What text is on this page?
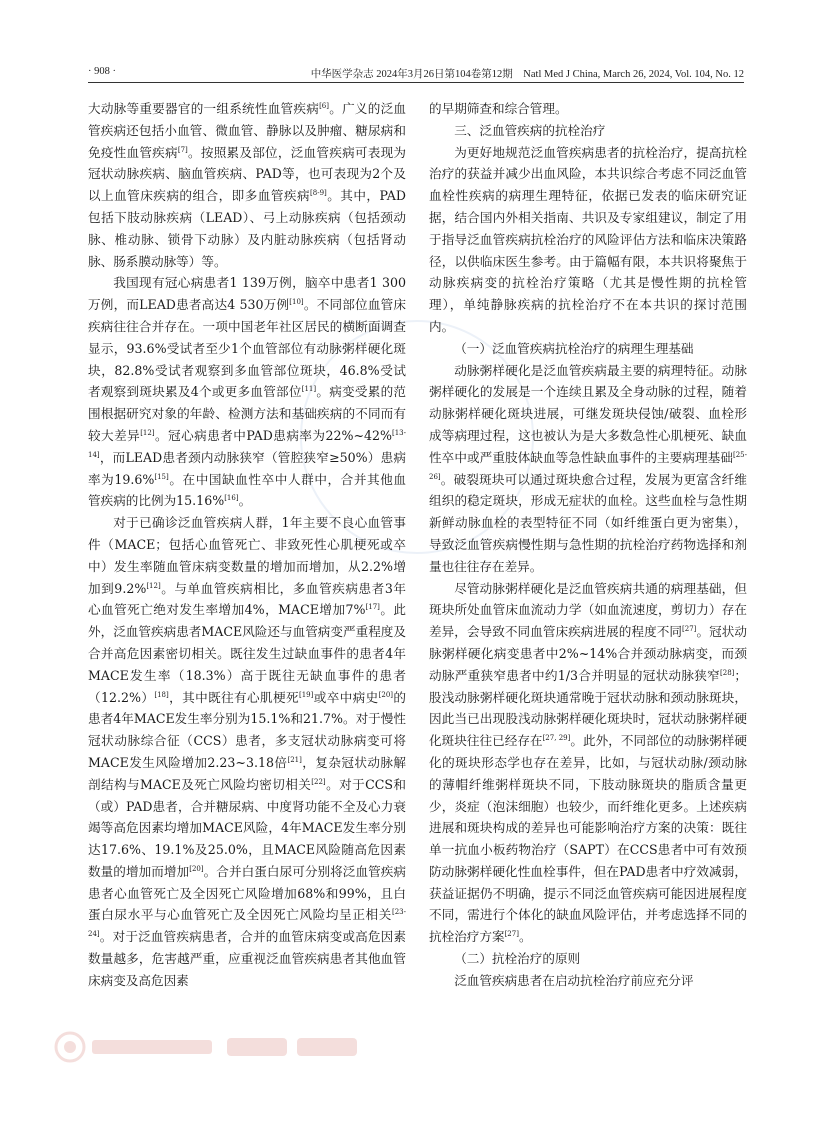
· 908 ·	中华医学杂志 2024年3月26日第104卷第12期　Natl Med J China, March 26, 2024, Vol. 104, No. 12

大动脉等重要器官的一组系统性血管疾病[6]。广义的泛血管疾病还包括小血管、微血管、静脉以及肿瘤、糖尿病和免疫性血管疾病[7]。按照累及部位，泛血管疾病可表现为冠状动脉疾病、脑血管疾病、PAD等，也可表现为2个及以上血管床疾病的组合，即多血管疾病[8-9]。其中，PAD包括下肢动脉疾病（LEAD）、弓上动脉疾病（包括颈动脉、椎动脉、锁骨下动脉）及内脏动脉疾病（包括肾动脉、肠系膜动脉等）等。

我国现有冠心病患者1 139万例，脑卒中患者1 300万例，而LEAD患者高达4 530万例[10]。不同部位血管床疾病往往合并存在。一项中国老年社区居民的横断面调查显示，93.6%受试者至少1个血管部位有动脉粥样硬化斑块，82.8%受试者观察到多血管部位斑块，46.8%受试者观察到斑块累及4个或更多血管部位[11]。病变受累的范围根据研究对象的年龄、检测方法和基础疾病的不同而有较大差异[12]。冠心病患者中PAD患病率为22%~42%[13-14]，而LEAD患者颈内动脉狭窄（管腔狭窄≥50%）患病率为19.6%[15]。在中国缺血性卒中人群中，合并其他血管疾病的比例为15.16%[16]。

对于已确诊泛血管疾病人群，1年主要不良心血管事件（MACE；包括心血管死亡、非致死性心肌梗死或卒中）发生率随血管床病变数量的增加而增加，从2.2%增加到9.2%[12]。与单血管疾病相比，多血管疾病患者3年心血管死亡绝对发生率增加4%，MACE增加7%[17]。此外，泛血管疾病患者MACE风险还与血管病变严重程度及合并高危因素密切相关。既往发生过缺血事件的患者4年MACE发生率（18.3%）高于既往无缺血事件的患者（12.2%）[18]，其中既往有心肌梗死[19]或卒中病史[20]的患者4年MACE发生率分别为15.1%和21.7%。对于慢性冠状动脉综合征（CCS）患者，多支冠状动脉病变可将MACE发生风险增加2.23~3.18倍[21]，复杂冠状动脉解剖结构与MACE及死亡风险均密切相关[22]。对于CCS和（或）PAD患者，合并糖尿病、中度肾功能不全及心力衰竭等高危因素均增加MACE风险，4年MACE发生率分别达17.6%、19.1%及25.0%，且MACE风险随高危因素数量的增加而增加[20]。合并白蛋白尿可分别将泛血管疾病患者心血管死亡及全因死亡风险增加68%和99%，且白蛋白尿水平与心血管死亡及全因死亡风险均呈正相关[23-24]。对于泛血管疾病患者，合并的血管床病变或高危因素数量越多，危害越严重，应重视泛血管疾病患者其他血管床病变及高危因素

的早期筛查和综合管理。

三、泛血管疾病的抗栓治疗

为更好地规范泛血管疾病患者的抗栓治疗，提高抗栓治疗的获益并减少出血风险，本共识综合考虑不同泛血管血栓性疾病的病理生理特征，依据已发表的临床研究证据，结合国内外相关指南、共识及专家组建议，制定了用于指导泛血管疾病抗栓治疗的风险评估方法和临床决策路径，以供临床医生参考。由于篇幅有限，本共识将聚焦于动脉疾病变的抗栓治疗策略（尤其是慢性期的抗栓管理），单纯静脉疾病的抗栓治疗不在本共识的探讨范围内。

（一）泛血管疾病抗栓治疗的病理生理基础

动脉粥样硬化是泛血管疾病最主要的病理特征。动脉粥样硬化的发展是一个连续且累及全身动脉的过程，随着动脉粥样硬化斑块进展，可继发斑块侵蚀/破裂、血栓形成等病理过程，这也被认为是大多数急性心肌梗死、缺血性卒中或严重肢体缺血等急性缺血事件的主要病理基础[25-26]。破裂斑块可以通过斑块愈合过程，发展为更富含纤维组织的稳定斑块，形成无症状的血栓。这些血栓与急性期新鲜动脉血栓的表型特征不同（如纤维蛋白更为密集），导致泛血管疾病慢性期与急性期的抗栓治疗药物选择和剂量也往往存在差异。

尽管动脉粥样硬化是泛血管疾病共通的病理基础，但斑块所处血管床血流动力学（如血流速度，剪切力）存在差异，会导致不同血管床疾病进展的程度不同[27]。冠状动脉粥样硬化病变患者中2%~14%合并颈动脉病变，而颈动脉严重狭窄患者中约1/3合并明显的冠状动脉狭窄[28]；股浅动脉粥样硬化斑块通常晚于冠状动脉和颈动脉斑块，因此当已出现股浅动脉粥样硬化斑块时，冠状动脉粥样硬化斑块往往已经存在[27, 29]。此外，不同部位的动脉粥样硬化的斑块形态学也存在差异，比如，与冠状动脉/颈动脉的薄帽纤维粥样斑块不同，下肢动脉斑块的脂质含量更少，炎症（泡沫细胞）也较少，而纤维化更多。上述疾病进展和斑块构成的差异也可能影响治疗方案的决策：既往单一抗血小板药物治疗（SAPT）在CCS患者中可有效预防动脉粥样硬化性血栓事件，但在PAD患者中疗效减弱，获益证据仍不明确，提示不同泛血管疾病可能因进展程度不同，需进行个体化的缺血风险评估，并考虑选择不同的抗栓治疗方案[27]。

（二）抗栓治疗的原则

泛血管疾病患者在启动抗栓治疗前应充分评
